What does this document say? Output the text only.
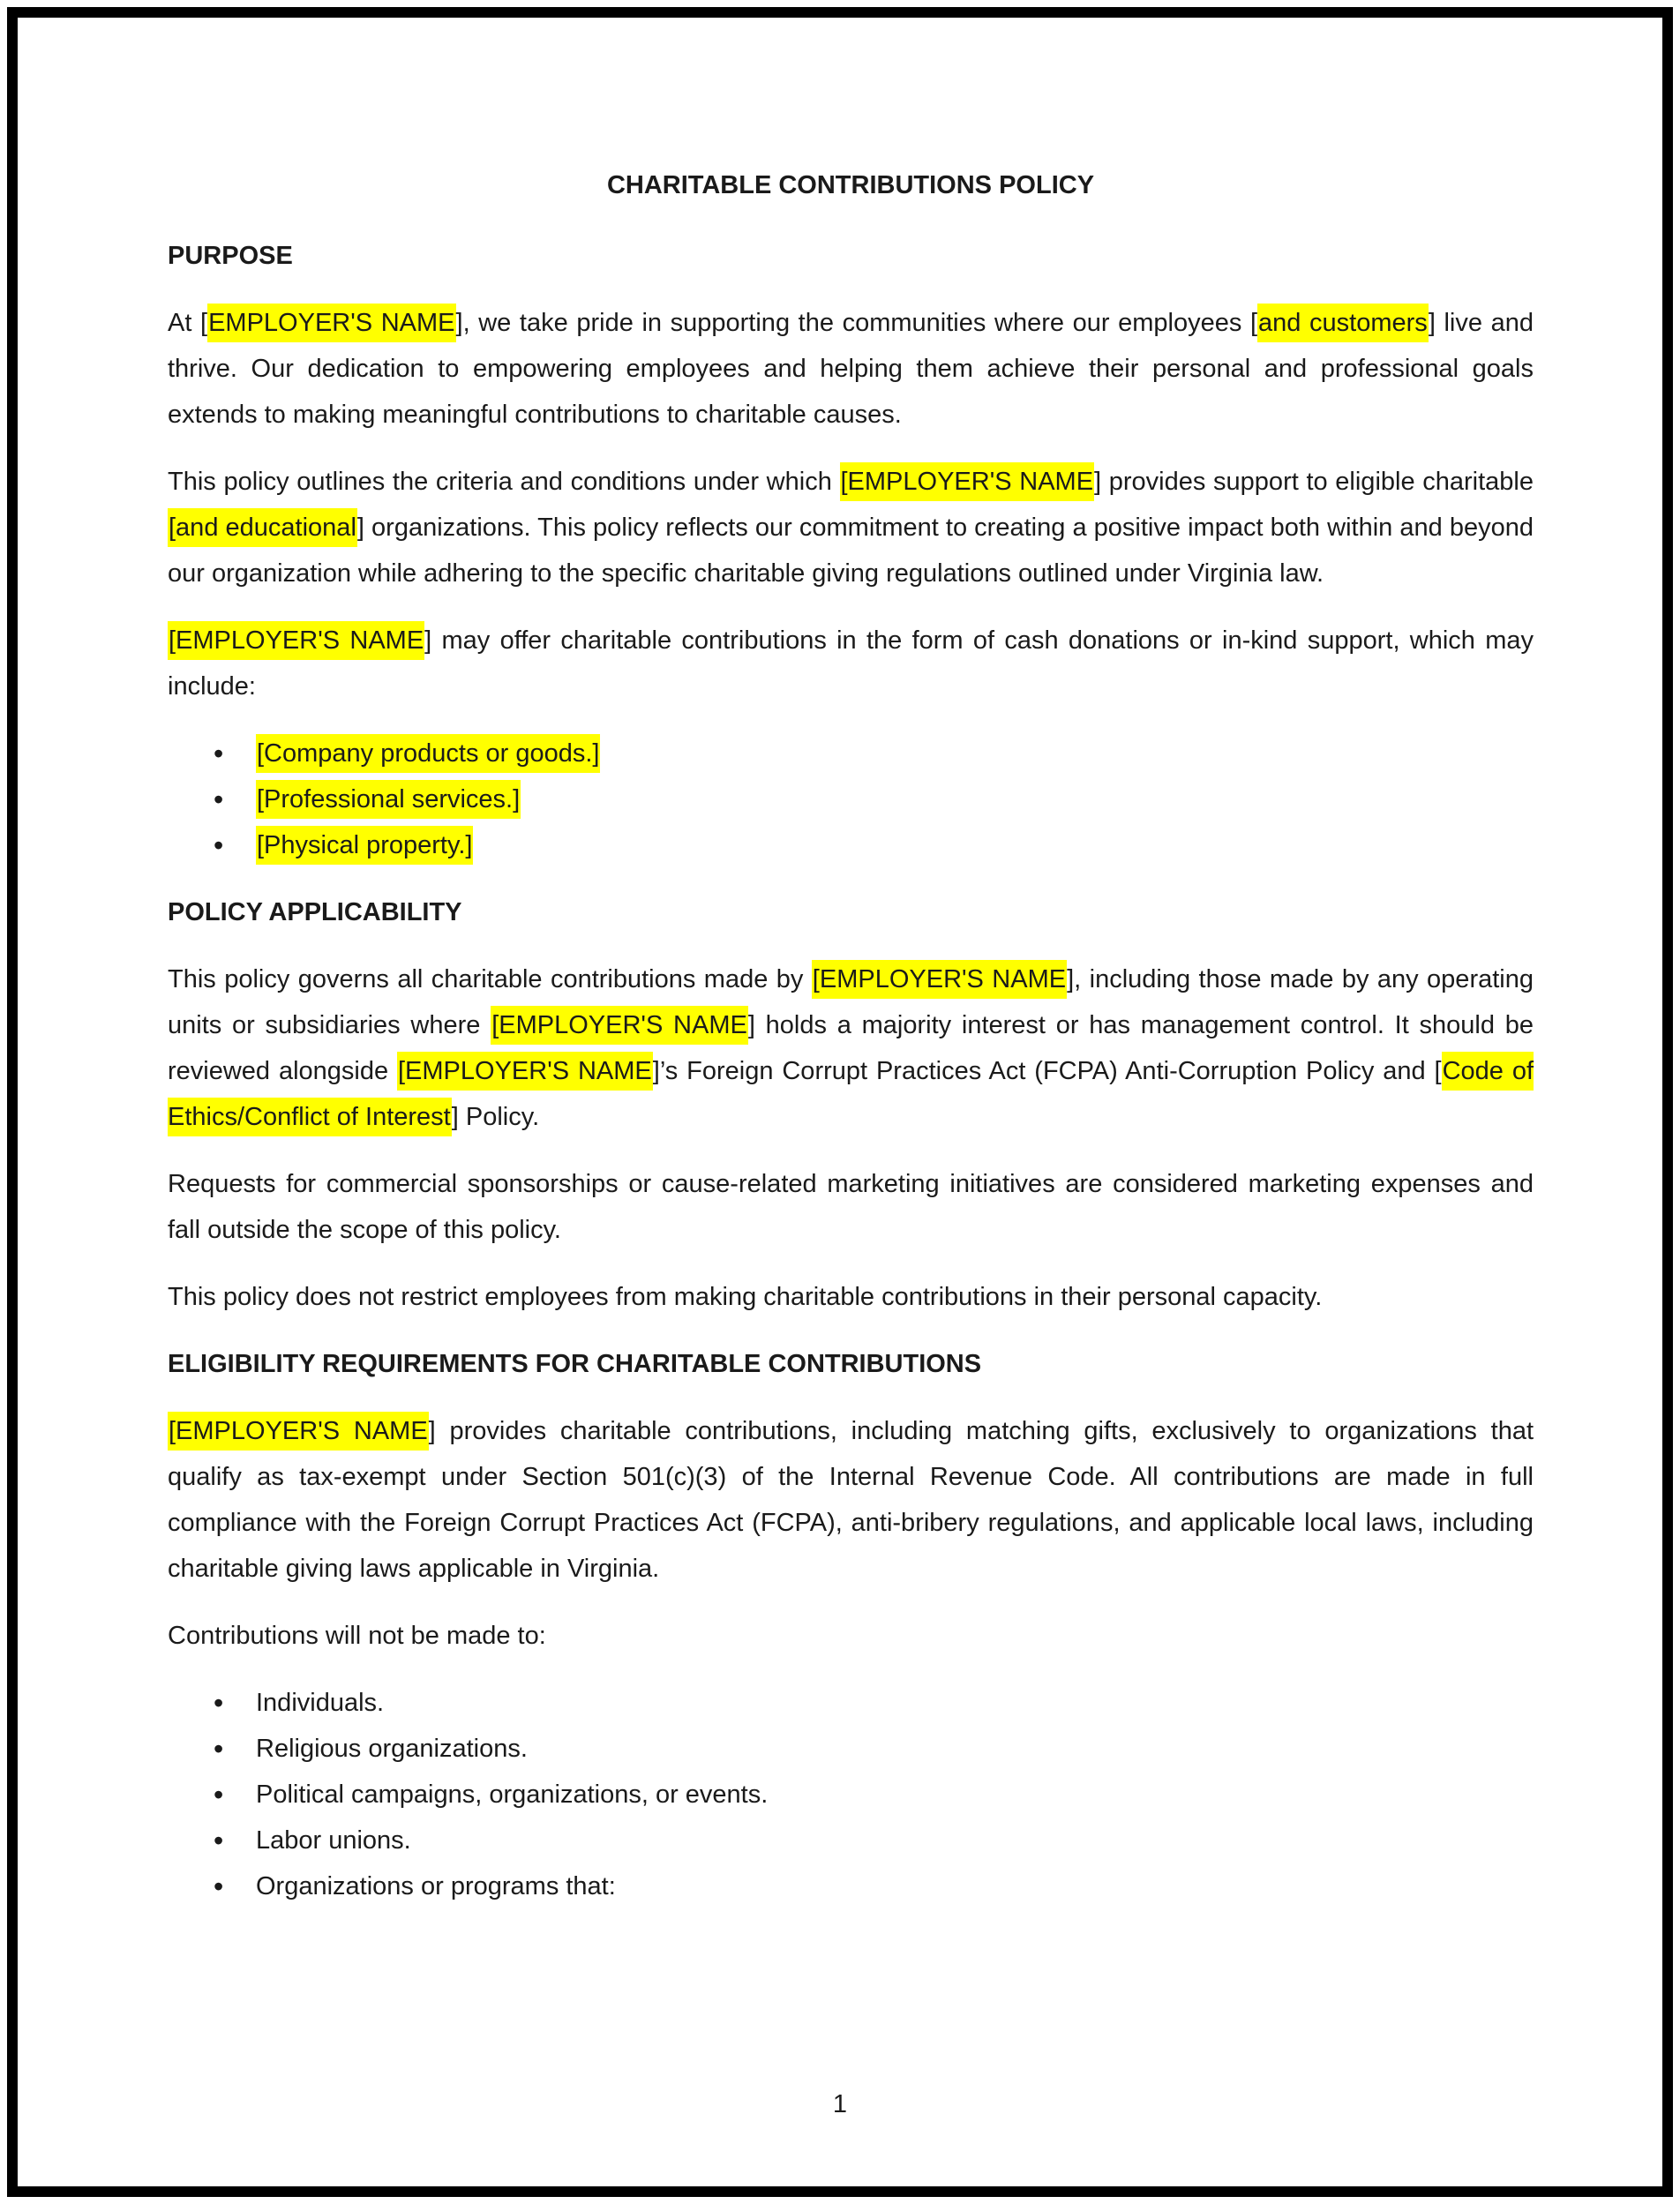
CHARITABLE CONTRIBUTIONS POLICY
PURPOSE

At [EMPLOYER'S NAME], we take pride in supporting the communities where our employees [and customers] live and thrive. Our dedication to empowering employees and helping them achieve their personal and professional goals extends to making meaningful contributions to charitable causes.

This policy outlines the criteria and conditions under which [EMPLOYER'S NAME] provides support to eligible charitable [and educational] organizations. This policy reflects our commitment to creating a positive impact both within and beyond our organization while adhering to the specific charitable giving regulations outlined under Virginia law.

[EMPLOYER'S NAME] may offer charitable contributions in the form of cash donations or in-kind support, which may include:

• [Company products or goods.]
• [Professional services.]
• [Physical property.]
POLICY APPLICABILITY

This policy governs all charitable contributions made by [EMPLOYER'S NAME], including those made by any operating units or subsidiaries where [EMPLOYER'S NAME] holds a majority interest or has management control. It should be reviewed alongside [EMPLOYER'S NAME]’s Foreign Corrupt Practices Act (FCPA) Anti-Corruption Policy and [Code of Ethics/Conflict of Interest] Policy.

Requests for commercial sponsorships or cause-related marketing initiatives are considered marketing expenses and fall outside the scope of this policy.

This policy does not restrict employees from making charitable contributions in their personal capacity.

ELIGIBILITY REQUIREMENTS FOR CHARITABLE CONTRIBUTIONS

[EMPLOYER'S NAME] provides charitable contributions, including matching gifts, exclusively to organizations that qualify as tax-exempt under Section 501(c)(3) of the Internal Revenue Code. All contributions are made in full compliance with the Foreign Corrupt Practices Act (FCPA), anti-bribery regulations, and applicable local laws, including charitable giving laws applicable in Virginia.

Contributions will not be made to:

• Individuals.
• Religious organizations.
• Political campaigns, organizations, or events.
• Labor unions.
• Organizations or programs that:
1
